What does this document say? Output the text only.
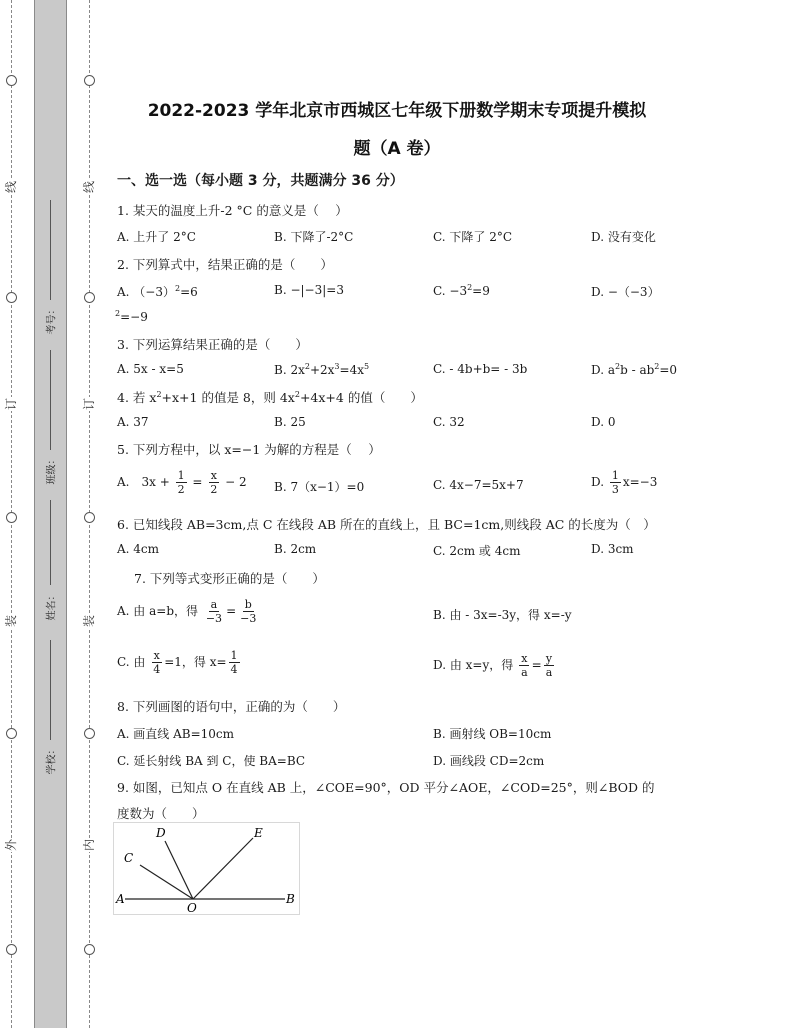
线
订
装
外
线
订
装
内
考号：
班级：
姓名：
学校：
2022-2023 学年北京市西城区七年级下册数学期末专项提升模拟
题（A 卷）
一、选一选（每小题 3 分，共题满分 36 分）
1. 某天的温度上升-2 °C 的意义是（　 ）
A. 上升了 2°C	B. 下降了-2°C	C. 下降了 2°C	D. 没有变化
2. 下列算式中，结果正确的是（　　）
A. $(-3)^2=6$	B. −|−3|=3	C. $-3^2=9$	D. −（−3）
$^2$=−9
3. 下列运算结果正确的是（　　）
A. 5x - x=5	B. $2x^2+2x^3=4x^5$	C. - 4b+b= - 3b	D. $a^2b - ab^2=0$
4. 若 $x^2+x+1$ 的值是 8，则 $4x^2+4x+4$ 的值（　　）
A. 37	B. 25	C. 32	D. 0
5. 下列方程中，以 x=−1 为解的方程是（　 ）
A.　$3x + \frac{1}{2} = \frac{x}{2} - 2$ B. 7（x−1）=0	C. 4x−7=5x+7	D. $\frac{1}{3} x=-3$
6. 已知线段 AB=3cm,点 C 在线段 AB 所在的直线上，且 BC=1cm,则线段 AC 的长度为（　）
A. 4cm	B. 2cm	C. 2cm 或 4cm	D. 3cm
7. 下列等式变形正确的是（　　）
A. 由 a=b，得 $\frac{a}{-3} = \frac{b}{-3}$	B. 由 - 3x=-3y，得 x=-y
C. 由 $\frac{x}{4} =1$，得 $x= \frac{1}{4}$	D. 由 x=y，得 $\frac{x}{a} = \frac{y}{a}$
8. 下列画图的语句中，正确的为（　　）
A. 画直线 AB=10cm	B. 画射线 OB=10cm
C. 延长射线 BA 到 C，使 BA=BC	D. 画线段 CD=2cm
9. 如图，已知点 O 在直线 AB 上，∠COE=90°，OD 平分∠AOE，∠COD=25°，则∠BOD 的
度数为（　　）
D	E
C
A
O
B
